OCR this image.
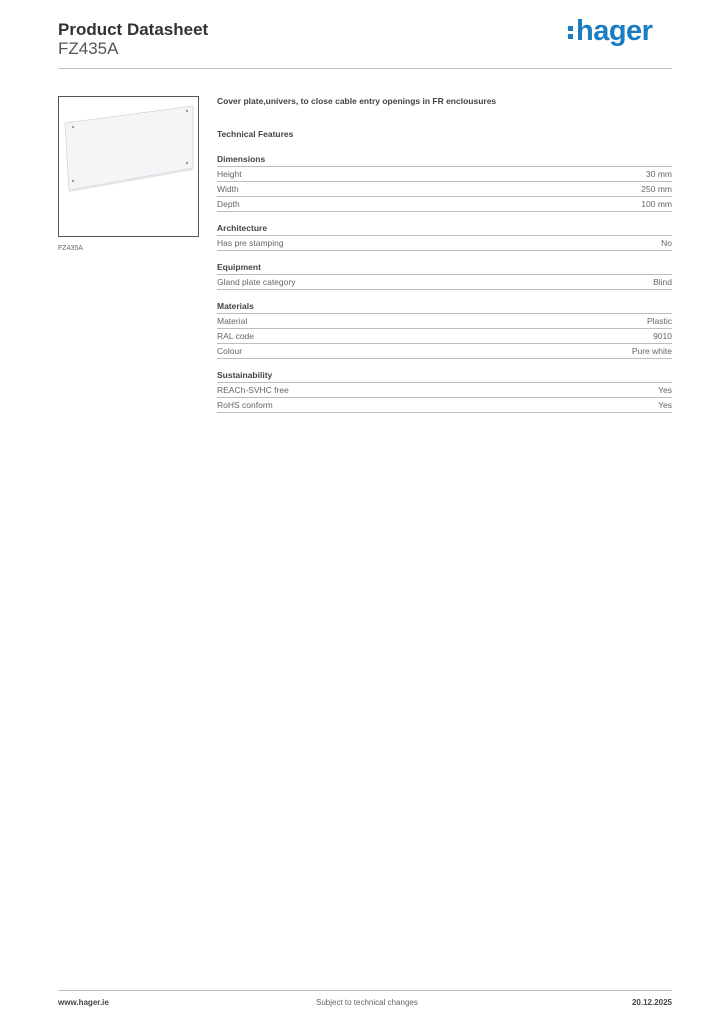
Product Datasheet
FZ435A
hager
FZ435A
Cover plate,univers, to close cable entry openings in FR enclousures
Technical Features
Dimensions
Height	30 mm
Width	250 mm
Depth	100 mm
Architecture
Has pre stamping	No
Equipment
Gland plate category	Blind
Materials
Material	Plastic
RAL code	9010
Colour	Pure white
Sustainability
REACh-SVHC free	Yes
RoHS conform	Yes
www.hager.ie	Subject to technical changes	20.12.2025
